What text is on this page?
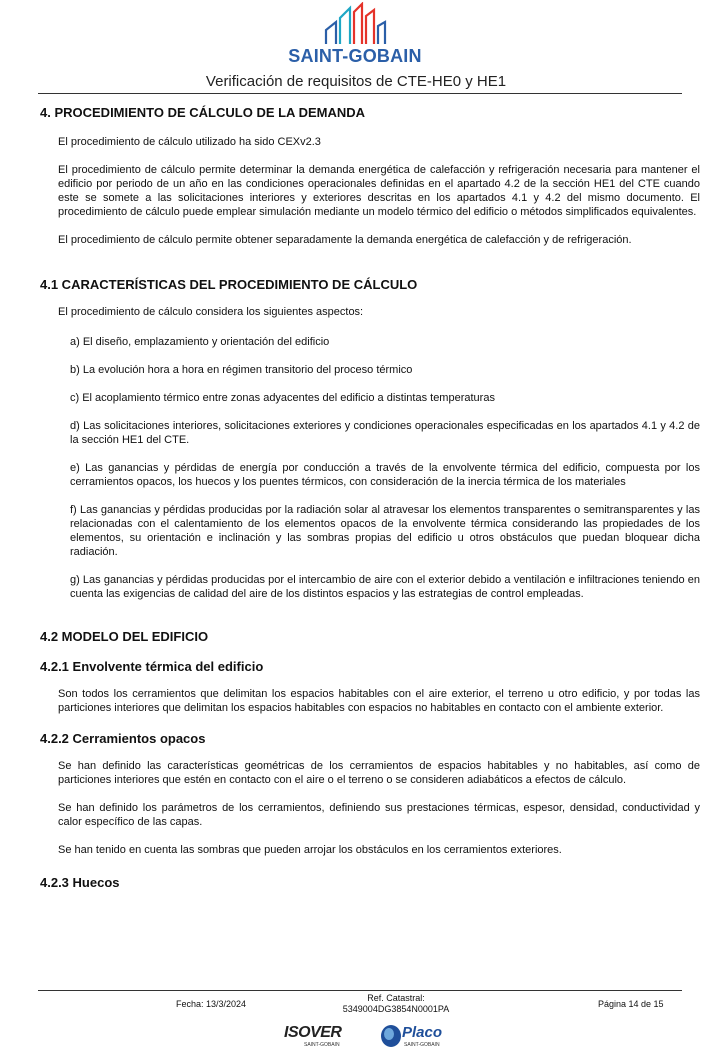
SAINT-GOBAIN
Verificación de requisitos de CTE-HE0 y HE1
4. PROCEDIMIENTO DE CÁLCULO DE LA DEMANDA

El procedimiento de cálculo utilizado ha sido CEXv2.3

El procedimiento de cálculo permite determinar la demanda energética de calefacción y refrigeración necesaria para mantener el edificio por periodo de un año en las condiciones operacionales definidas en el apartado 4.2 de la sección HE1 del CTE cuando este se somete a las solicitaciones interiores y exteriores descritas en los apartados 4.1 y 4.2 del mismo documento. El procedimiento de cálculo puede emplear simulación mediante un modelo térmico del edificio o métodos simplificados equivalentes.

El procedimiento de cálculo permite obtener separadamente la demanda energética de calefacción y de refrigeración.

4.1 CARACTERÍSTICAS DEL PROCEDIMIENTO DE CÁLCULO

El procedimiento de cálculo considera los siguientes aspectos:

a) El diseño, emplazamiento y orientación del edificio

b) La evolución hora a hora en régimen transitorio del proceso térmico

c) El acoplamiento térmico entre zonas adyacentes del edificio a distintas temperaturas

d) Las solicitaciones interiores, solicitaciones exteriores y condiciones operacionales especificadas en los apartados 4.1 y 4.2 de la sección HE1 del CTE.

e) Las ganancias y pérdidas de energía por conducción a través de la envolvente térmica del edificio, compuesta por los cerramientos opacos, los huecos y los puentes térmicos, con consideración de la inercia térmica de los materiales

f) Las ganancias y pérdidas producidas por la radiación solar al atravesar los elementos transparentes o semitransparentes y las relacionadas con el calentamiento de los elementos opacos de la envolvente térmica considerando las propiedades de los elementos, su orientación e inclinación y las sombras propias del edificio u otros obstáculos que puedan bloquear dicha radiación.

g) Las ganancias y pérdidas producidas por el intercambio de aire con el exterior debido a ventilación e infiltraciones teniendo en cuenta las exigencias de calidad del aire de los distintos espacios y las estrategias de control empleadas.

4.2 MODELO DEL EDIFICIO
4.2.1 Envolvente térmica del edificio

Son todos los cerramientos que delimitan los espacios habitables con el aire exterior, el terreno u otro edificio, y por todas las particiones interiores que delimitan los espacios habitables con espacios no habitables en contacto con el ambiente exterior.

4.2.2 Cerramientos opacos

Se han definido las características geométricas de los cerramientos de espacios habitables y no habitables, así como de particiones interiores que estén en contacto con el aire o el terreno o se consideren adiabáticos a efectos de cálculo.

Se han definido los parámetros de los cerramientos, definiendo sus prestaciones térmicas, espesor, densidad, conductividad y calor específico de las capas.

Se han tenido en cuenta las sombras que pueden arrojar los obstáculos en los cerramientos exteriores.

4.2.3 Huecos
Fecha: 13/3/2024
Ref. Catastral:
5349004DG3854N0001PA	Página 14 de 15
ISOVER
SAINT-GOBAIN
Placo
SAINT-GOBAIN
